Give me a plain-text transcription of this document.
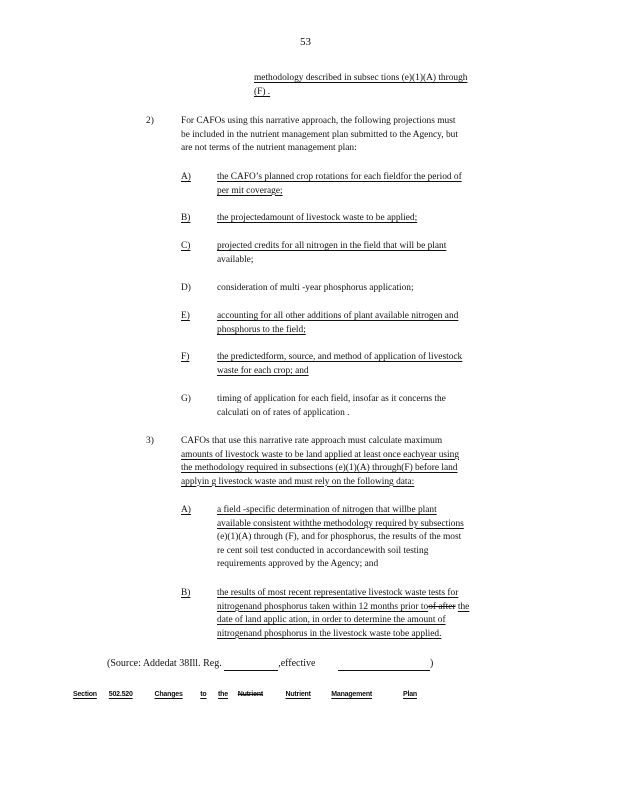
53
methodology described in subsec tions (e)(1)(A) through
(F) .
2)	For CAFOs using this narrative approach, the following projections must
be included in the nutrient management plan submitted to the Agency, but
are not terms of the nutrient management plan:
A)	the CAFO’s planned crop rotations for each fieldfor the period of
per mit coverage;
B)	the projectedamount of livestock waste to be applied;
C)	projected credits for all nitrogen in the field that will be plant
available;
D)	consideration of multi -year phosphorus application;
E)	accounting for all other additions of plant available nitrogen and
phosphorus to the field;
F)	the predictedform, source, and method of application of livestock
waste for each crop; and
G)	timing of application for each field, insofar as it concerns the
calculati on of rates of application .
3)	CAFOs that use this narrative rate approach must calculate maximum
amounts of livestock waste to be land applied at least once eachyear using
the methodology required in subsections (e)(1)(A) through(F) before land
applyin g livestock waste and must rely on the following data:
A)	a field -specific determination of nitrogen that willbe plant
available consistent withthe methodology required by subsections
(e)(1)(A) through (F), and for phosphorus, the results of the most
re cent soil test conducted in accordancewith soil testing
requirements approved by the Agency; and
B)	the results of most recent representative livestock waste tests for
nitrogenand phosphorus taken within 12 months prior toof after the
date of land applic ation, in order to determine the amount of
nitrogenand phosphorus in the livestock waste tobe applied.
(Source: Addedat 38Ill. Reg.	,effective	)
Section 502.520	Changes	to the Nutrient	Nutrient	Management	Plan
